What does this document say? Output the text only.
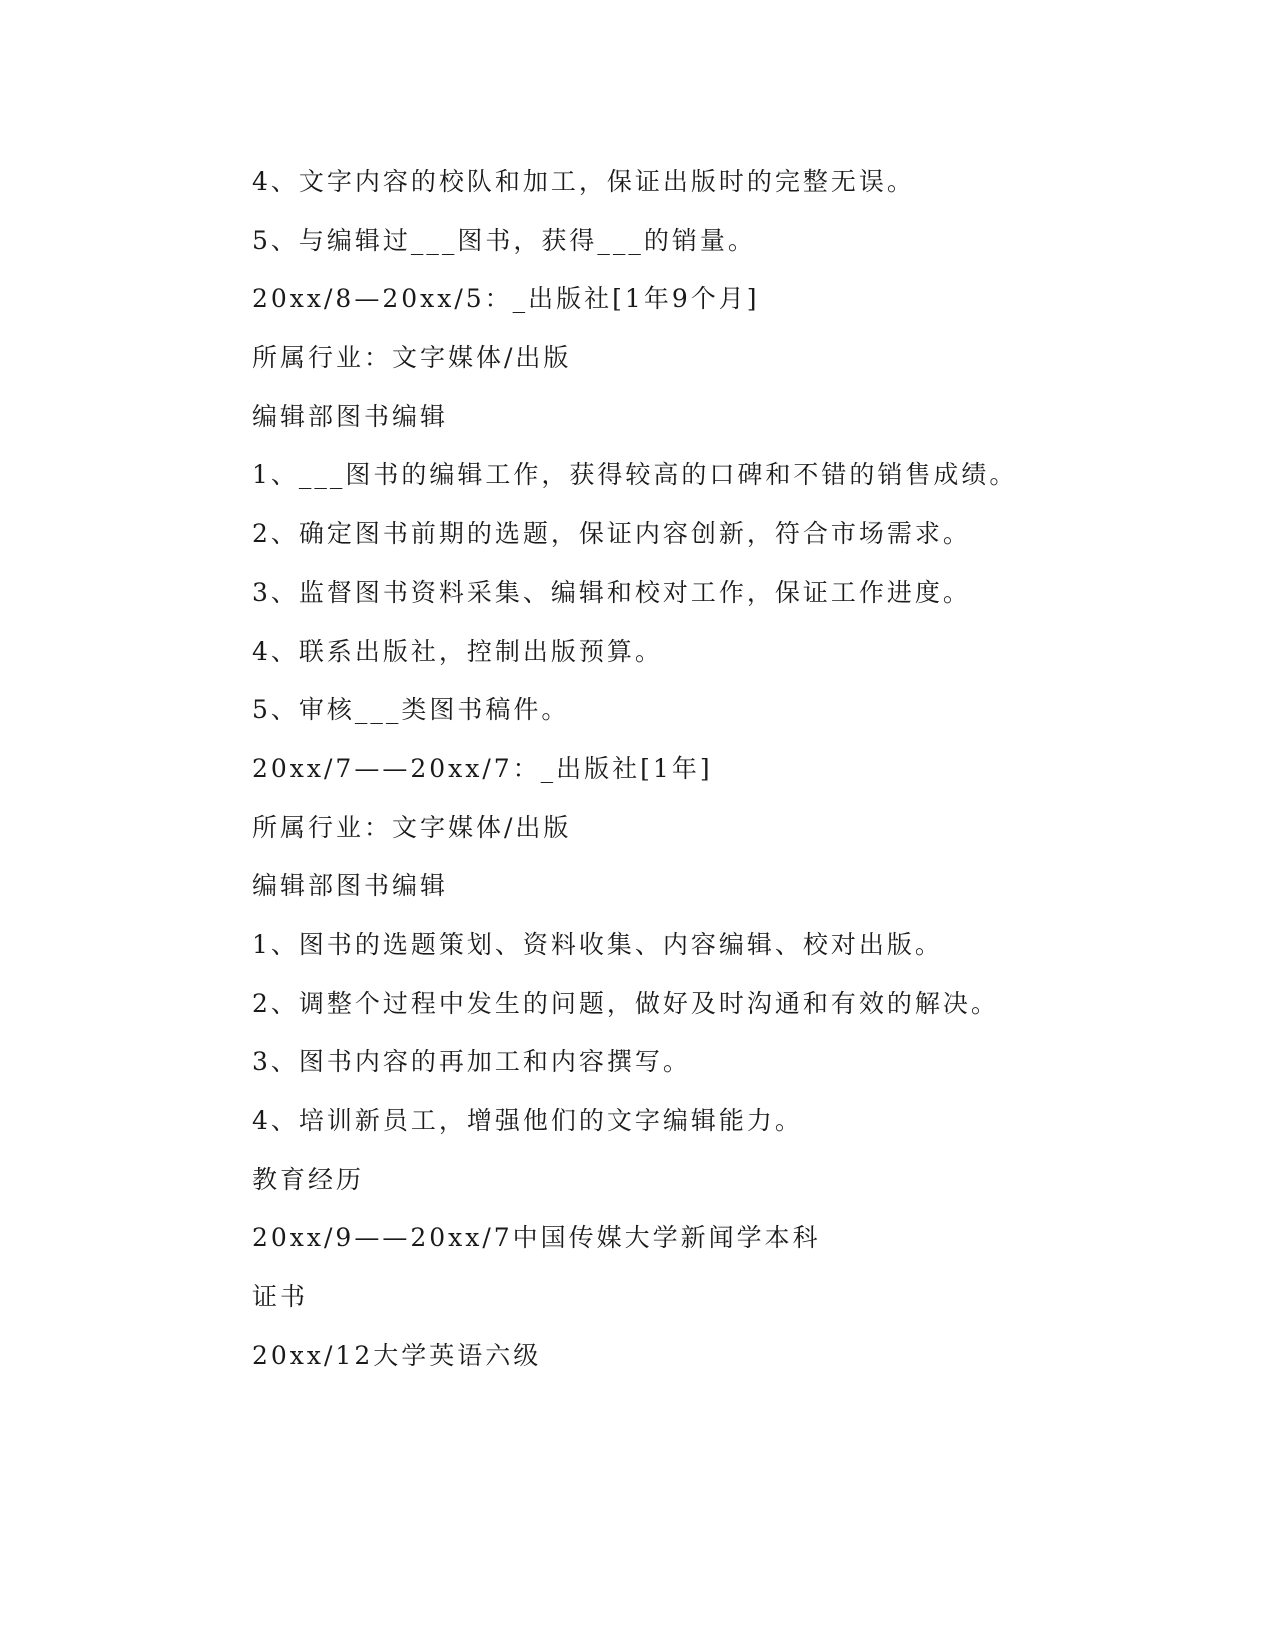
4、文字内容的校队和加工，保证出版时的完整无误。
5、与编辑过___图书，获得___的销量。
20xx/8—20xx/5：_出版社[1年9个月]
所属行业：文字媒体/出版
编辑部图书编辑
1、___图书的编辑工作，获得较高的口碑和不错的销售成绩。
2、确定图书前期的选题，保证内容创新，符合市场需求。
3、监督图书资料采集、编辑和校对工作，保证工作进度。
4、联系出版社，控制出版预算。
5、审核___类图书稿件。
20xx/7——20xx/7：_出版社[1年]
所属行业：文字媒体/出版
编辑部图书编辑
1、图书的选题策划、资料收集、内容编辑、校对出版。
2、调整个过程中发生的问题，做好及时沟通和有效的解决。
3、图书内容的再加工和内容撰写。
4、培训新员工，增强他们的文字编辑能力。
教育经历
20xx/9——20xx/7中国传媒大学新闻学本科
证书
20xx/12大学英语六级
